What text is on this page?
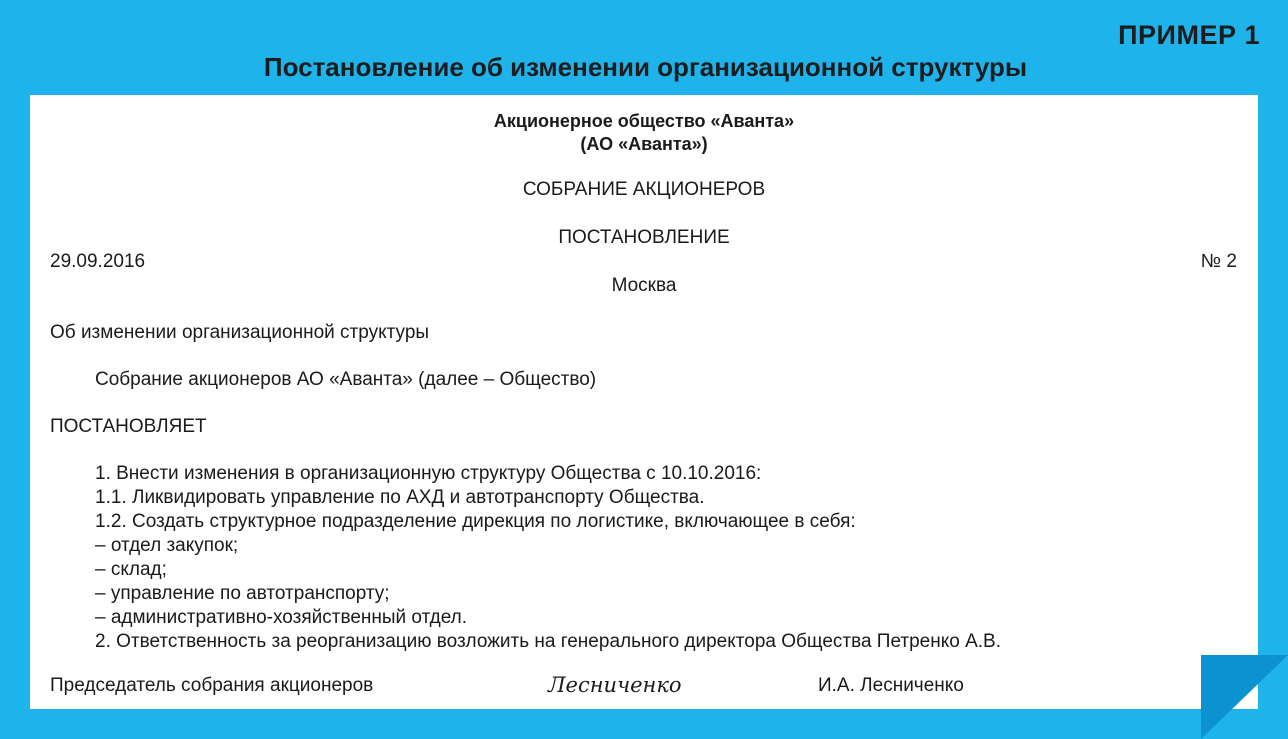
ПРИМЕР 1
Постановление об изменении организационной структуры
Акционерное общество «Аванта»
(АО «Аванта»)
СОБРАНИЕ АКЦИОНЕРОВ
ПОСТАНОВЛЕНИЕ
29.09.2016	№ 2
Москва
Об изменении организационной структуры
Собрание акционеров АО «Аванта» (далее – Общество)
ПОСТАНОВЛЯЕТ
1. Внести изменения в организационную структуру Общества с 10.10.2016:
1.1. Ликвидировать управление по АХД и автотранспорту Общества.
1.2. Создать структурное подразделение дирекция по логистике, включающее в себя:
– отдел закупок;
– склад;
– управление по автотранспорту;
– административно-хозяйственный отдел.
2. Ответственность за реорганизацию возложить на генерального директора Общества Петренко А.В.
Председатель собрания акционеров	Лесниченко	И.А. Лесниченко
